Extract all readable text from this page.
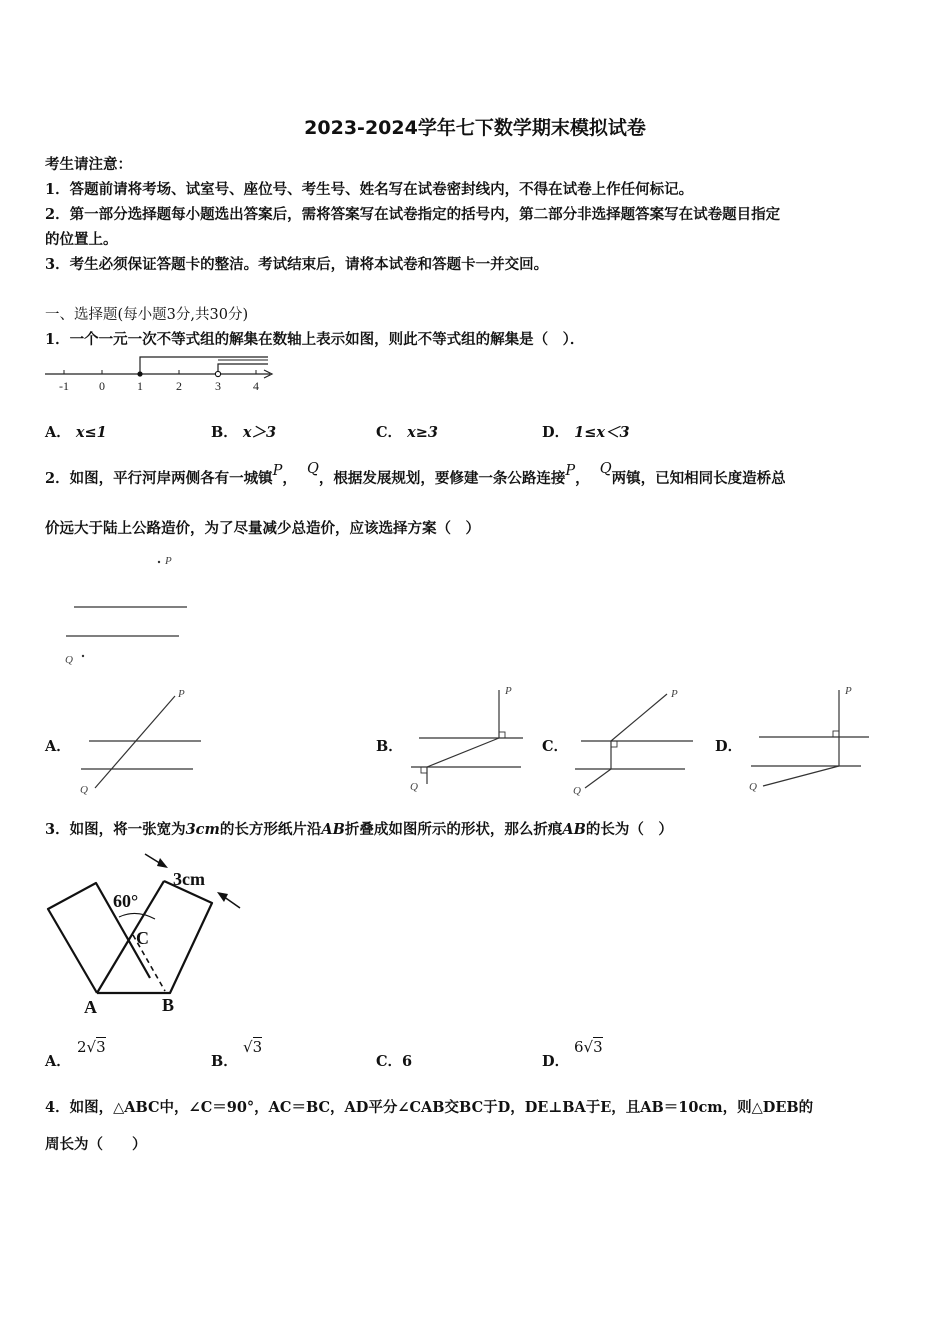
2023-2024学年七下数学期末模拟试卷
考生请注意：
1．答题前请将考场、试室号、座位号、考生号、姓名写在试卷密封线内，不得在试卷上作任何标记。
2．第一部分选择题每小题选出答案后，需将答案写在试卷指定的括号内，第二部分非选择题答案写在试卷题目指定
的位置上。
3．考生必须保证答题卡的整洁。考试结束后，请将本试卷和答题卡一并交回。
一、选择题(每小题3分,共30分)
1．一个一元一次不等式组的解集在数轴上表示如图，则此不等式组的解集是（　）．
-1	0	1	2	3	4
A． x≤1	B． x＞3	C． x≥3	D． 1≤x＜3
2．如图，平行河岸两侧各有一城镇P，  Q，根据发展规划，要修建一条公路连接P，  Q两镇，已知相同长度造桥总
价远大于陆上公路造价，为了尽量减少总造价，应该选择方案（　）
P
Q
A．
P
Q
B．
P
Q
C．
P
Q
D．
P
Q
3．如图，将一张宽为3cm的长方形纸片沿AB折叠成如图所示的形状，那么折痕AB的长为（　）
60°
3cm
C
A	B
A．
2√3
B．
√3
C．6	D．
6√3
4．如图，△ABC中，∠C＝90°，AC＝BC，AD平分∠CAB交BC于D，DE⊥BA于E，且AB＝10cm，则△DEB的
周长为（　　）
